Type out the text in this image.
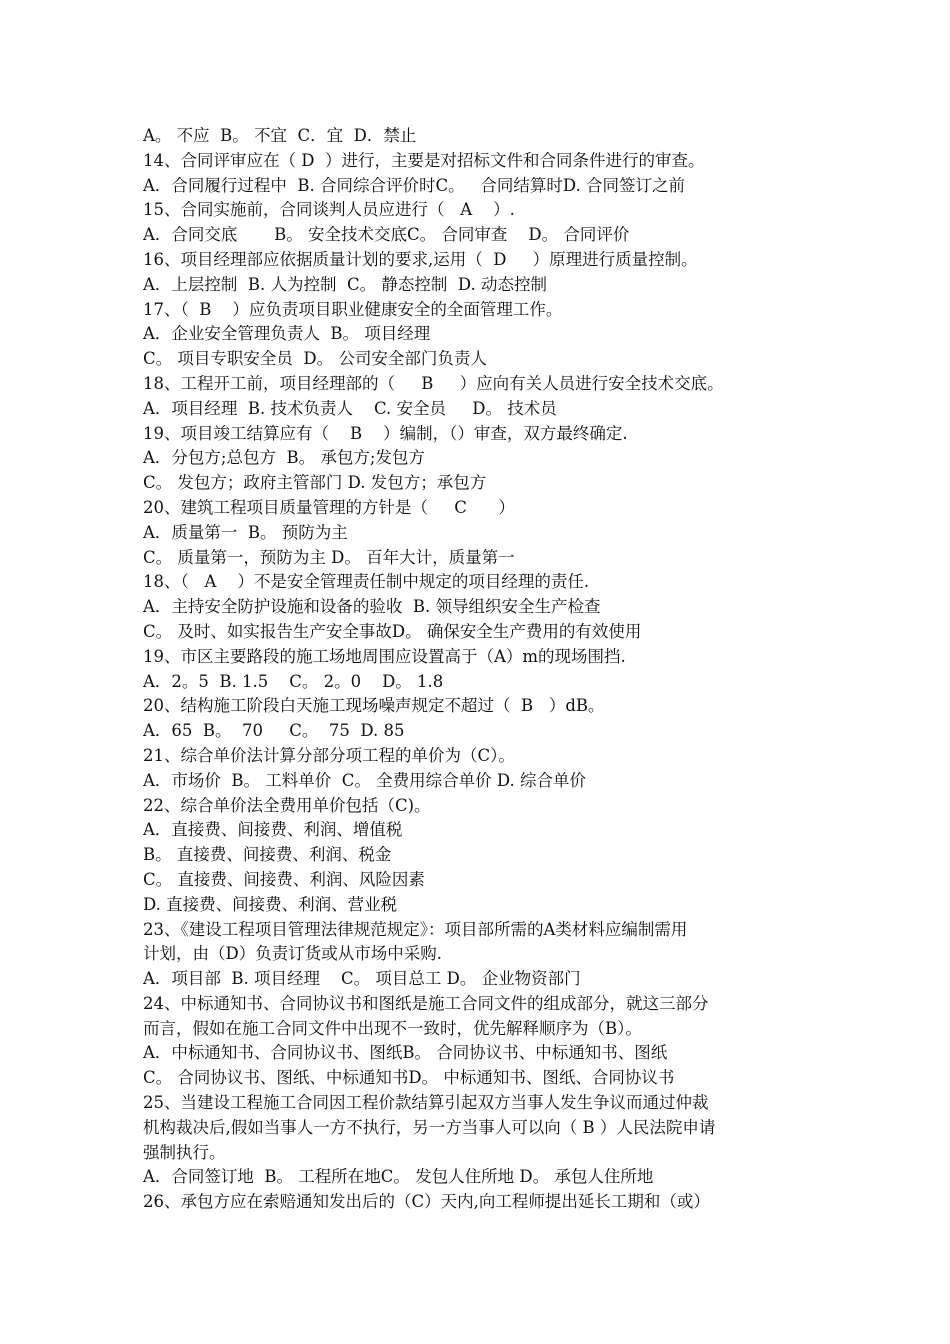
A。 不应  B。 不宜  C．宜  D．禁止
14、合同评审应在（ D  ）进行，主要是对招标文件和合同条件进行的审查。
A．合同履行过程中  B. 合同综合评价时C。   合同结算时D. 合同签订之前
15、合同实施前，合同谈判人员应进行（   A    ）.
A．合同交底       B。 安全技术交底C。 合同审查    D。 合同评价
16、项目经理部应依据质量计划的要求,运用（  D     ）原理进行质量控制。
A．上层控制  B. 人为控制  C。 静态控制  D. 动态控制
17、（  B    ）应负责项目职业健康安全的全面管理工作。
A．企业安全管理负责人  B。 项目经理
C。 项目专职安全员  D。 公司安全部门负责人
18、工程开工前，项目经理部的（     B     ）应向有关人员进行安全技术交底。
A．项目经理  B. 技术负责人    C. 安全员     D。 技术员
19、项目竣工结算应有（    B    ）编制，（）审查，双方最终确定.
A．分包方;总包方  B。 承包方;发包方
C。 发包方；政府主管部门 D. 发包方；承包方
20、建筑工程项目质量管理的方针是（     C      ）
A．质量第一  B。 预防为主
C。 质量第一，预防为主 D。 百年大计，质量第一
18、（   A    ）不是安全管理责任制中规定的项目经理的责任.
A．主持安全防护设施和设备的验收  B. 领导组织安全生产检查
C。 及时、如实报告生产安全事故D。 确保安全生产费用的有效使用
19、市区主要路段的施工场地周围应设置高于（A）m的现场围挡.
A．2。5  B. 1.5    C。 2。0    D。 1.8
20、结构施工阶段白天施工现场噪声规定不超过（  B   ）dB。
A．65  B。  70     C。  75  D. 85
21、综合单价法计算分部分项工程的单价为（C）。
A．市场价  B。 工料单价  C。 全费用综合单价 D. 综合单价
22、综合单价法全费用单价包括（C)。
A．直接费、间接费、利润、增值税
B。 直接费、间接费、利润、税金
C。 直接费、间接费、利润、风险因素
D. 直接费、间接费、利润、营业税
23、《建设工程项目管理法律规范规定》：项目部所需的A类材料应编制需用
计划，由（D）负责订货或从市场中采购.
A．项目部  B. 项目经理    C。 项目总工 D。 企业物资部门
24、中标通知书、合同协议书和图纸是施工合同文件的组成部分，就这三部分
而言，假如在施工合同文件中出现不一致时，优先解释顺序为（B）。
A．中标通知书、合同协议书、图纸B。 合同协议书、中标通知书、图纸
C。 合同协议书、图纸、中标通知书D。 中标通知书、图纸、合同协议书
25、当建设工程施工合同因工程价款结算引起双方当事人发生争议而通过仲裁
机构裁决后,假如当事人一方不执行，另一方当事人可以向（ B ）人民法院申请
强制执行。
A．合同签订地  B。 工程所在地C。 发包人住所地 D。 承包人住所地
26、承包方应在索赔通知发出后的（C）天内,向工程师提出延长工期和（或）
